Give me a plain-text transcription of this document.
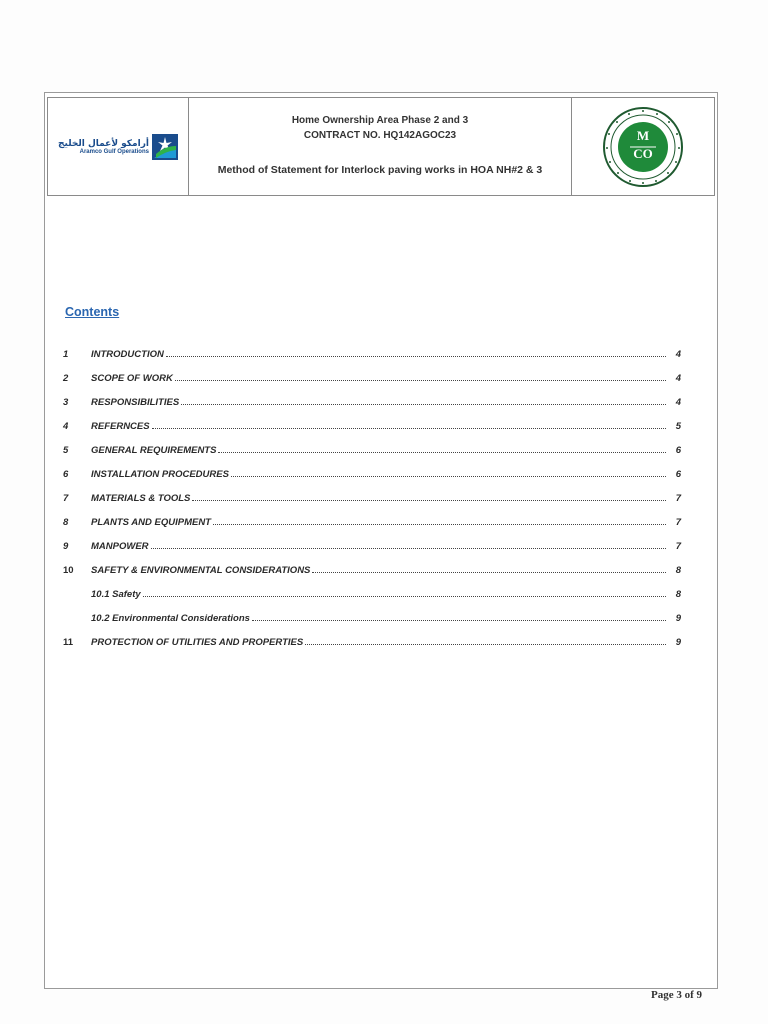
أرامكو لأعمال الخليج
Aramco Gulf Operations
Home Ownership Area Phase 2 and 3
CONTRACT NO. HQ142AGOC23
Method of Statement for Interlock paving works in HOA NH#2 & 3
M
CO
Contents
1	INTRODUCTION	4
2	SCOPE OF WORK	4
3	RESPONSIBILITIES	4
4	REFERNCES	5
5	GENERAL REQUIREMENTS	6
6	INSTALLATION PROCEDURES	6
7	MATERIALS & TOOLS	7
8	PLANTS AND EQUIPMENT	7
9	MANPOWER	7
10	SAFETY & ENVIRONMENTAL CONSIDERATIONS	8
10.1 Safety	8
10.2 Environmental Considerations	9
11	PROTECTION OF UTILITIES AND PROPERTIES	9
Page 3 of 9
